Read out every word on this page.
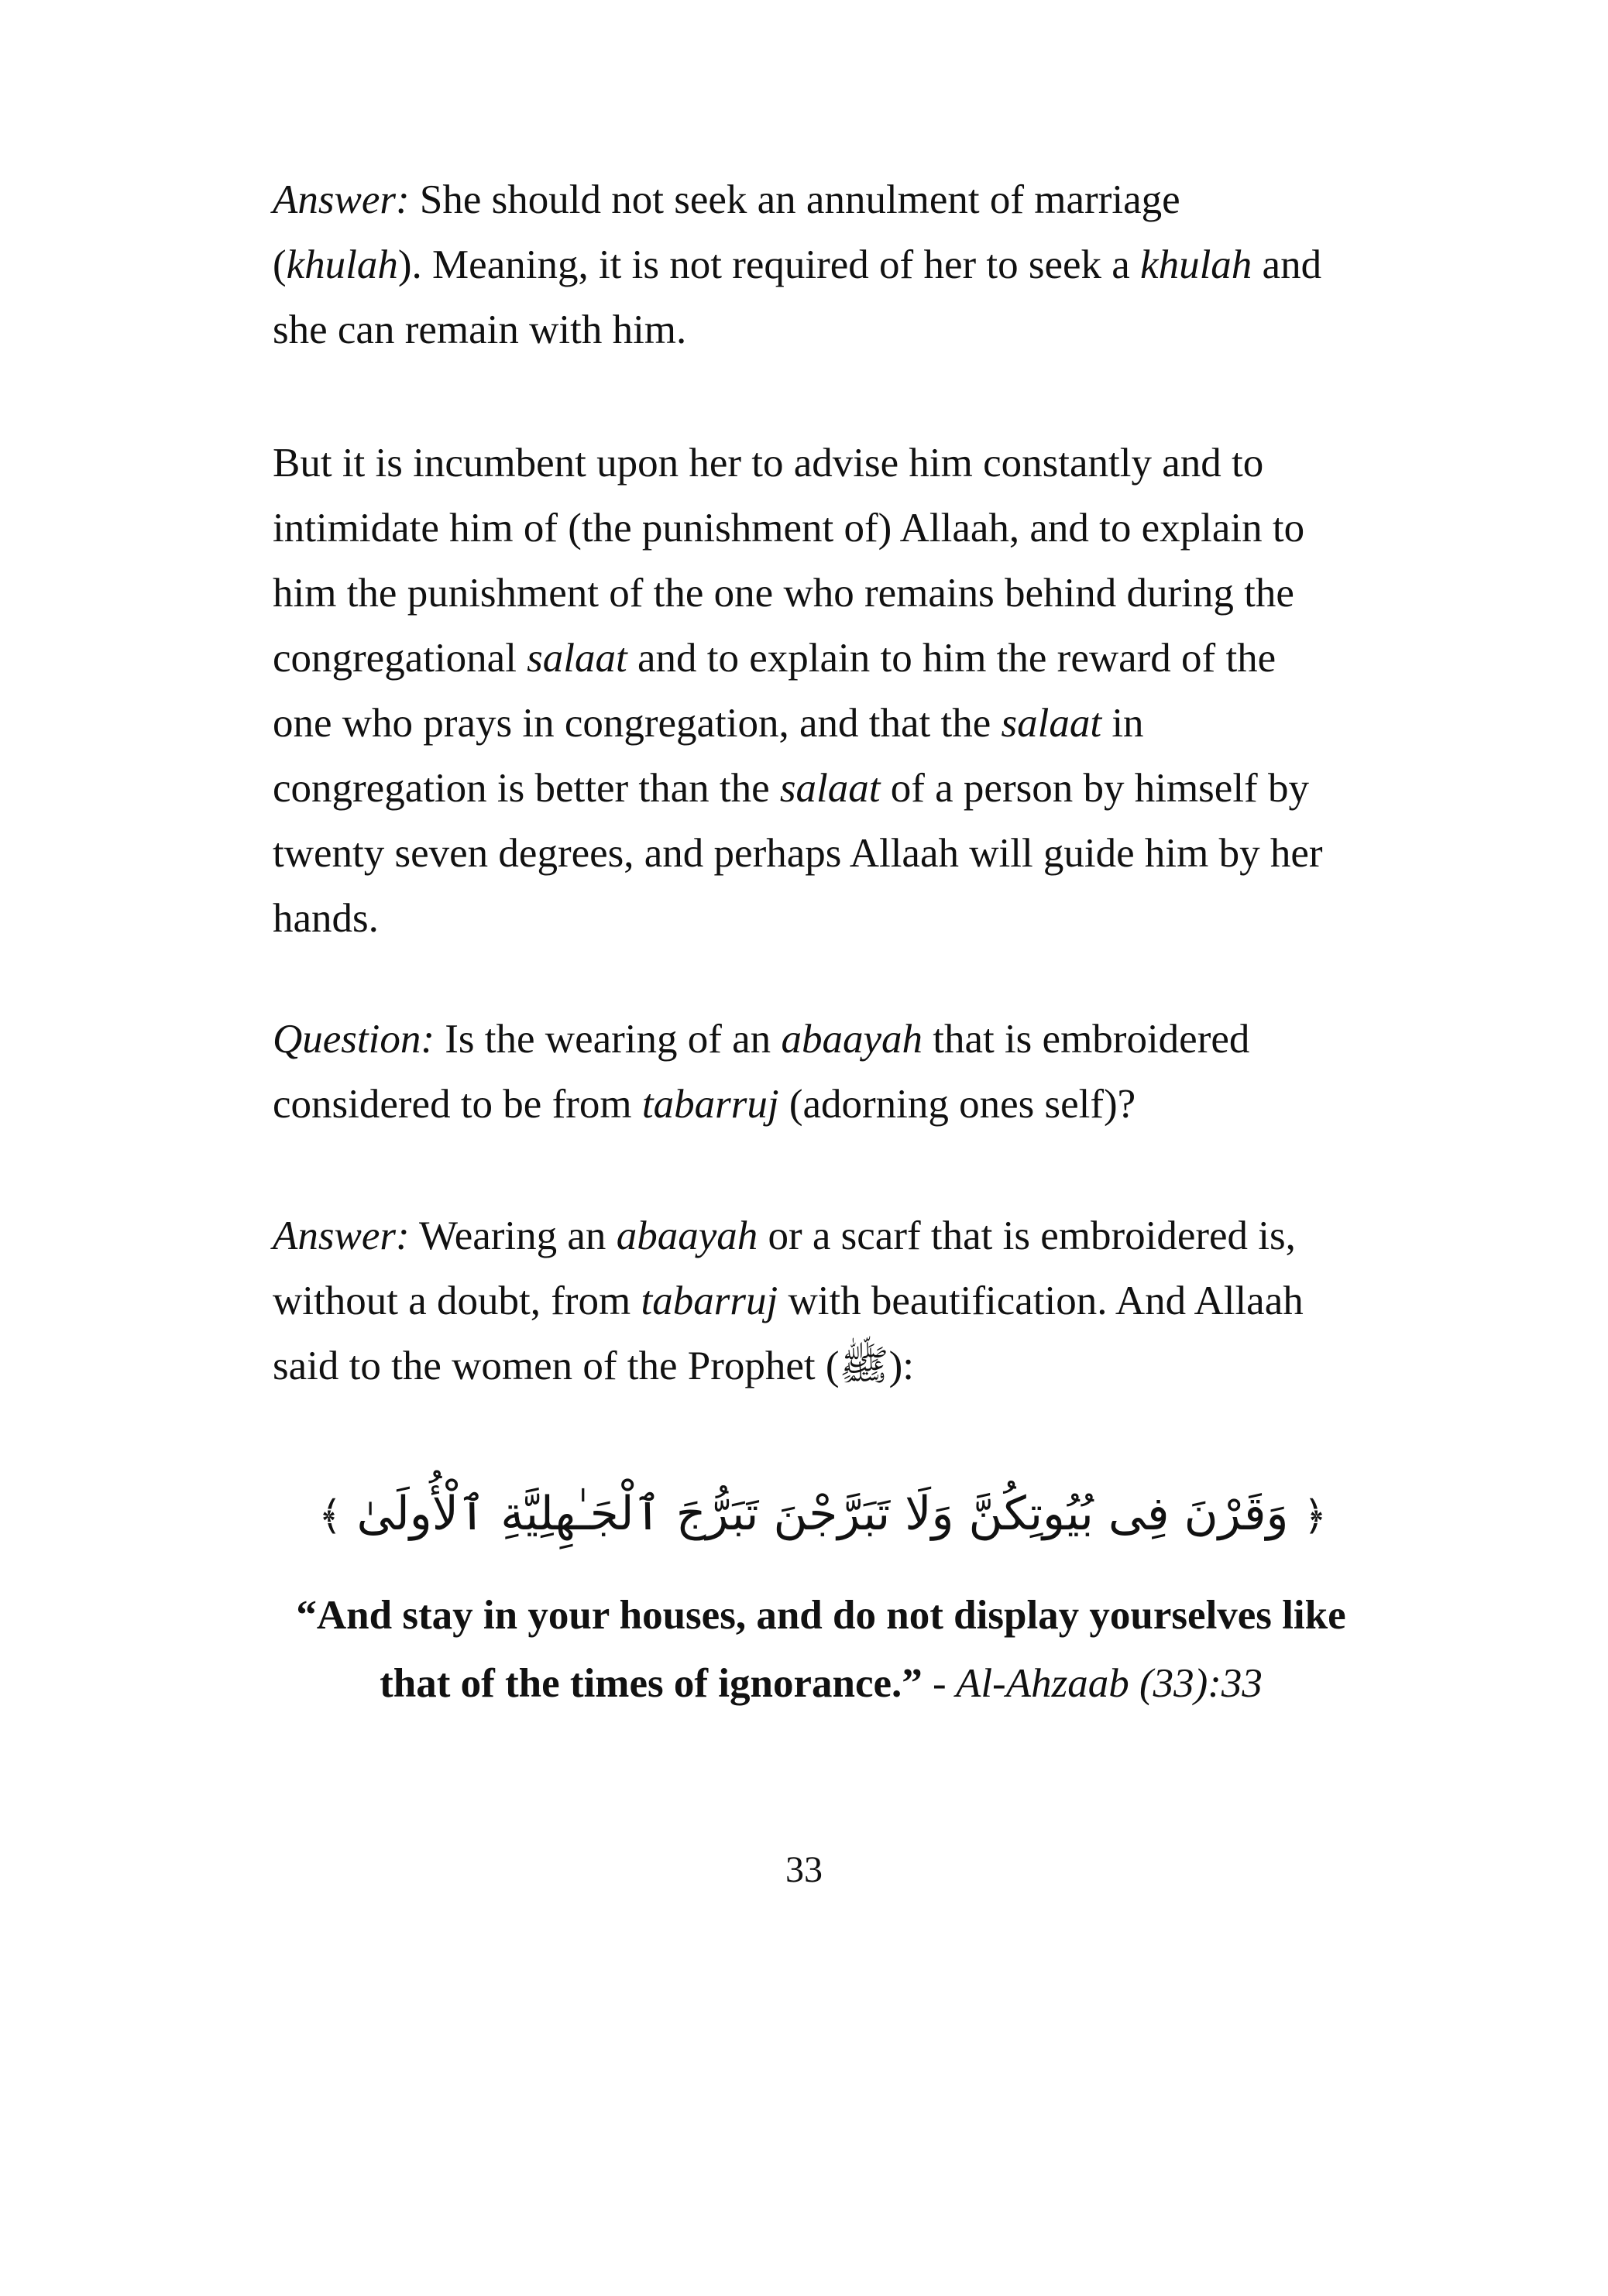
Answer: She should not seek an annulment of marriage
(khulah). Meaning, it is not required of her to seek a khulah and
she can remain with him.

But it is incumbent upon her to advise him constantly and to
intimidate him of (the punishment of) Allaah, and to explain to
him the punishment of the one who remains behind during the
congregational salaat and to explain to him the reward of the
one who prays in congregation, and that the salaat in
congregation is better than the salaat of a person by himself by
twenty seven degrees, and perhaps Allaah will guide him by her
hands.

Question: Is the wearing of an abaayah that is embroidered
considered to be from tabarruj (adorning ones self)?

Answer: Wearing an abaayah or a scarf that is embroidered is,
without a doubt, from tabarruj with beautification. And Allaah
said to the women of the Prophet (ﷺ):

﴿ وَقَرْنَ فِى بُيُوتِكُنَّ وَلَا تَبَرَّجْنَ تَبَرُّجَ ٱلْجَـٰهِلِيَّةِ ٱلْأُولَىٰ ﴾

“And stay in your houses, and do not display yourselves like
that of the times of ignorance.” - Al-Ahzaab (33):33

33
